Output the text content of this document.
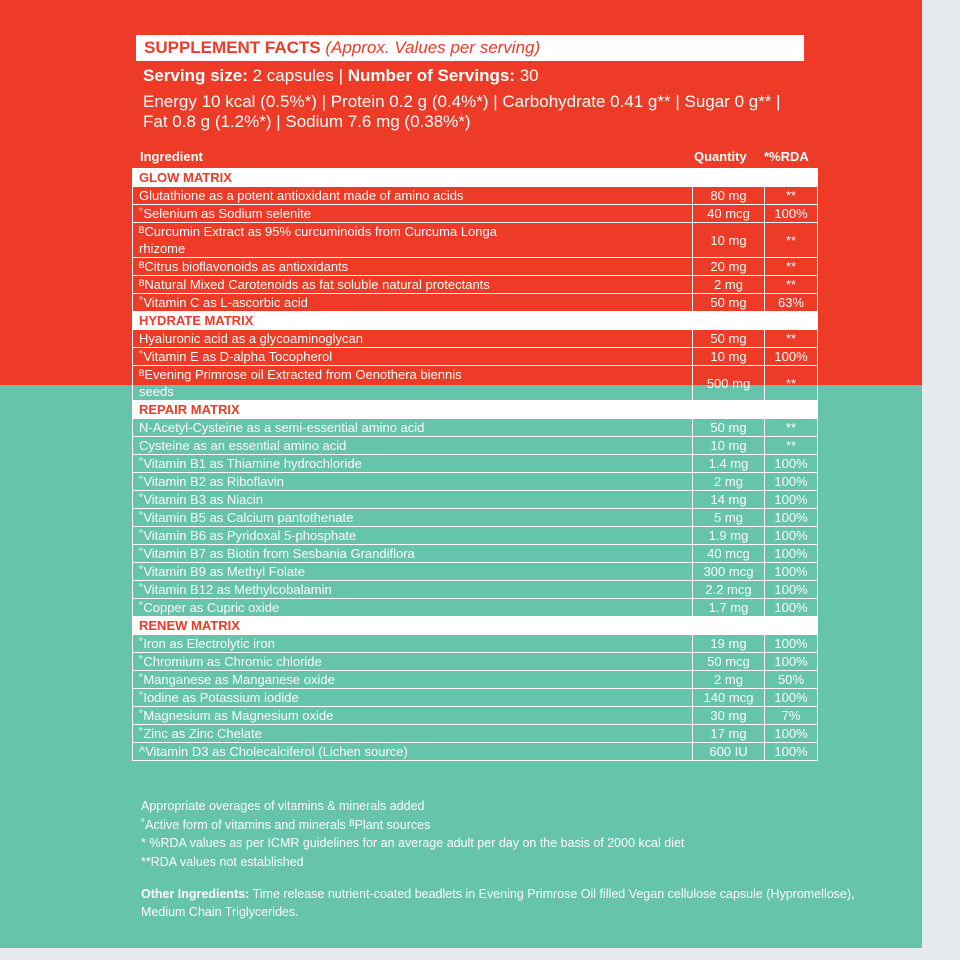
SUPPLEMENT FACTS (Approx. Values per serving)
Serving size: 2 capsules | Number of Servings: 30
Energy 10 kcal (0.5%*) | Protein 0.2 g (0.4%*) | Carbohydrate 0.41 g** | Sugar 0 g** | Fat 0.8 g (1.2%*) | Sodium 7.6 mg (0.38%*)
Ingredient	Quantity *%RDA
GLOW MATRIX		

Glutathione as a potent antioxidant made of amino acids	80 mg	**

˚Selenium as Sodium selenite	40 mcg	100%

ᴮCurcumin Extract as 95% curcuminoids from Curcuma Longa rhizome	10 mg	**

ᴮCitrus bioflavonoids as antioxidants	20 mg	**

ᴮNatural Mixed Carotenoids as fat soluble natural protectants	2 mg	**

˚Vitamin C as L-ascorbic acid	50 mg	63%
HYDRATE MATRIX		

Hyaluronic acid as a glycoaminoglycan	50 mg	**

˚Vitamin E as D-alpha Tocopherol	10 mg	100%

ᴮEvening Primrose oil Extracted from Oenothera biennis seeds	500 mg	**
REPAIR MATRIX		

N-Acetyl-Cysteine as a semi-essential amino acid	50 mg	**

Cysteine as an essential amino acid	10 mg	**

˚Vitamin B1 as Thiamine hydrochloride	1.4 mg	100%

˚Vitamin B2 as Riboflavin	2 mg	100%

˚Vitamin B3 as Niacin	14 mg	100%

˚Vitamin B5 as Calcium pantothenate	5 mg	100%

˚Vitamin B6 as Pyridoxal 5-phosphate	1.9 mg	100%

˚Vitamin B7 as Biotin from Sesbania Grandiflora	40 mcg	100%

˚Vitamin B9 as Methyl Folate	300 mcg	100%

˚Vitamin B12 as Methylcobalamin	2.2 mcg	100%

˚Copper as Cupric oxide	1.7 mg	100%
RENEW MATRIX		

˚Iron as Electrolytic iron	19 mg	100%

˚Chromium as Chromic chloride	50 mcg	100%

˚Manganese as Manganese oxide	2 mg	50%

˚Iodine as Potassium iodide	140 mcg	100%

˚Magnesium as Magnesium oxide	30 mg	7%

˚Zinc as Zinc Chelate	17 mg	100%

^Vitamin D3 as Cholecalciferol (Lichen source)	600 IU	100%
Appropriate overages of vitamins & minerals added
˚Active form of vitamins and minerals ᴮPlant sources
* %RDA values as per ICMR guidelines for an average adult per day on the basis of 2000 kcal diet
**RDA values not established
Other Ingredients: Time release nutrient-coated beadlets in Evening Primrose Oil filled Vegan cellulose capsule (Hypromellose), Medium Chain Triglycerides.
